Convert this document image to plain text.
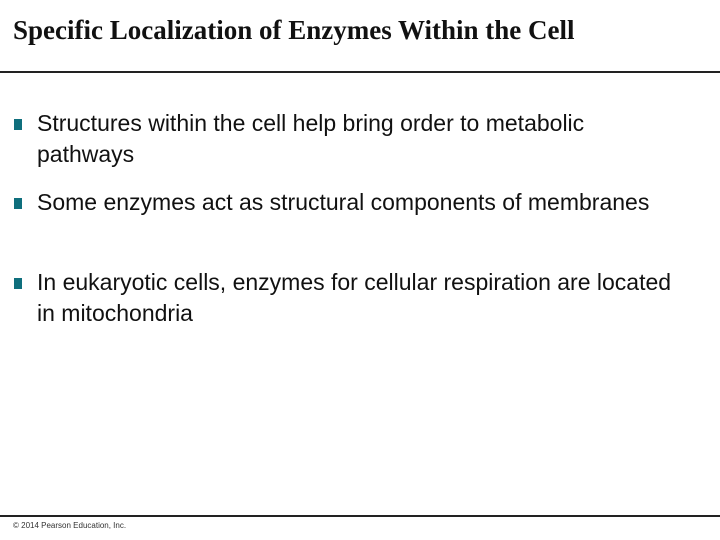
Specific Localization of Enzymes Within the Cell
Structures within the cell help bring order to metabolic pathways
Some enzymes act as structural components of membranes
In eukaryotic cells, enzymes for cellular respiration are located in mitochondria
© 2014 Pearson Education, Inc.
